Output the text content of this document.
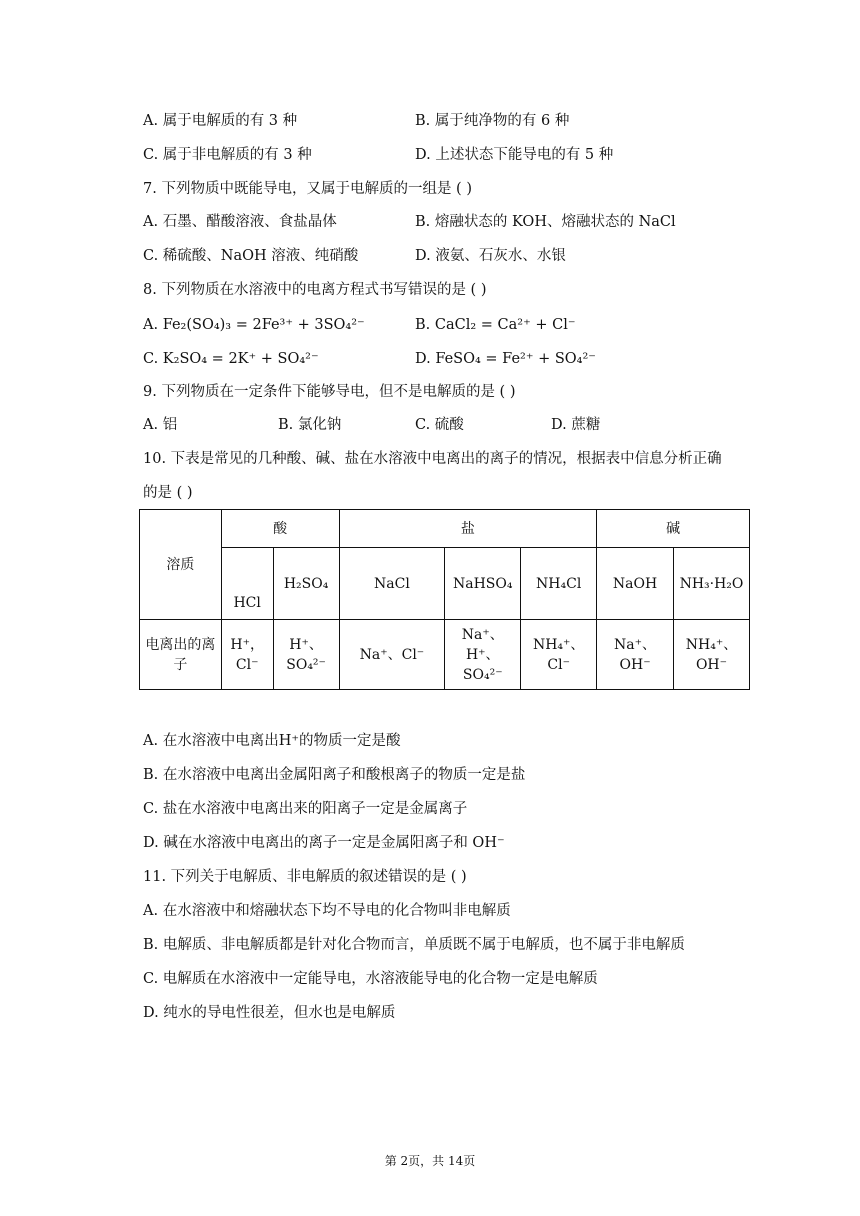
A. 属于电解质的有 3 种	B. 属于纯净物的有 6 种
C. 属于非电解质的有 3 种	D. 上述状态下能导电的有 5 种
7. 下列物质中既能导电，又属于电解质的一组是 ( )
A. 石墨、醋酸溶液、食盐晶体	B. 熔融状态的 KOH、熔融状态的 NaCl
C. 稀硫酸、NaOH 溶液、纯硝酸	D. 液氨、石灰水、水银
8. 下列物质在水溶液中的电离方程式书写错误的是 ( )
A. Fe₂(SO₄)₃ = 2Fe³⁺ + 3SO₄²⁻	B. CaCl₂ = Ca²⁺ + Cl⁻
C. K₂SO₄ = 2K⁺ + SO₄²⁻	D. FeSO₄ = Fe²⁺ + SO₄²⁻
9. 下列物质在一定条件下能够导电，但不是电解质的是 ( )
A. 铝	B. 氯化钠	C. 硫酸	D. 蔗糖
10. 下表是常见的几种酸、碱、盐在水溶液中电离出的离子的情况，根据表中信息分析正确
的是 ( )
溶质	酸		盐			碱	
	HCl	H₂SO₄	NaCl	NaHSO₄	NH₄Cl	NaOH	NH₃·H₂O
电离出的离子	H⁺，Cl⁻	H⁺、SO₄²⁻	Na⁺、Cl⁻	Na⁺、H⁺、SO₄²⁻	NH₄⁺、Cl⁻	Na⁺、OH⁻	NH₄⁺、OH⁻
A. 在水溶液中电离出H⁺的物质一定是酸
B. 在水溶液中电离出金属阳离子和酸根离子的物质一定是盐
C. 盐在水溶液中电离出来的阳离子一定是金属离子
D. 碱在水溶液中电离出的离子一定是金属阳离子和 OH⁻
11. 下列关于电解质、非电解质的叙述错误的是 ( )
A. 在水溶液中和熔融状态下均不导电的化合物叫非电解质
B. 电解质、非电解质都是针对化合物而言，单质既不属于电解质，也不属于非电解质
C. 电解质在水溶液中一定能导电，水溶液能导电的化合物一定是电解质
D. 纯水的导电性很差，但水也是电解质
第 2页，共 14页
